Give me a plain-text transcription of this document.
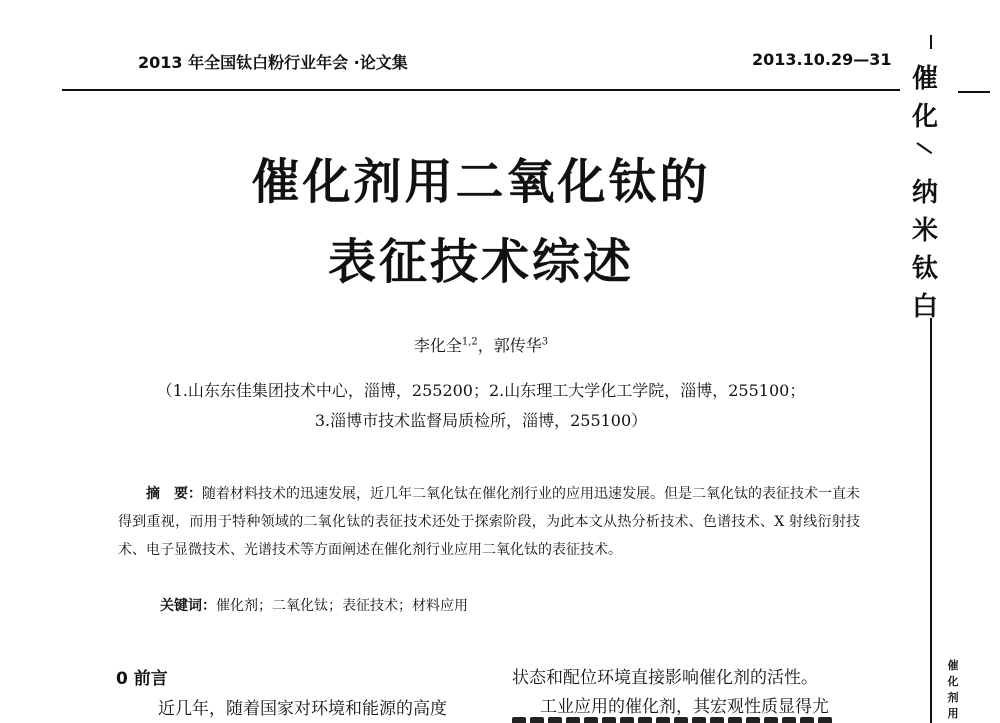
2013 年全国钛白粉行业年会 ·论文集	2013.10.29—31
催化剂用二氧化钛的
表征技术综述
李化全$^{1,2}$，郭传华$^3$
（1.山东东佳集团技术中心，淄博，255200；2.山东理工大学化工学院，淄博，255100；
3.淄博市技术监督局质检所，淄博，255100）
摘　要：随着材料技术的迅速发展，近几年二氧化钛在催化剂行业的应用迅速发展。但是二氧化钛的表征技术一直未得到重视，而用于特种领域的二氧化钛的表征技术还处于探索阶段，为此本文从热分析技术、色谱技术、X 射线衍射技术、电子显微技术、光谱技术等方面阐述在催化剂行业应用二氧化钛的表征技术。
关键词：催化剂；二氧化钛；表征技术；材料应用
0 前言
近几年，随着国家对环境和能源的高度
状态和配位环境直接影响催化剂的活性。
工业应用的催化剂，其宏观性质显得尤
催
化
纳
米
钛
白
催
化
剂
用
